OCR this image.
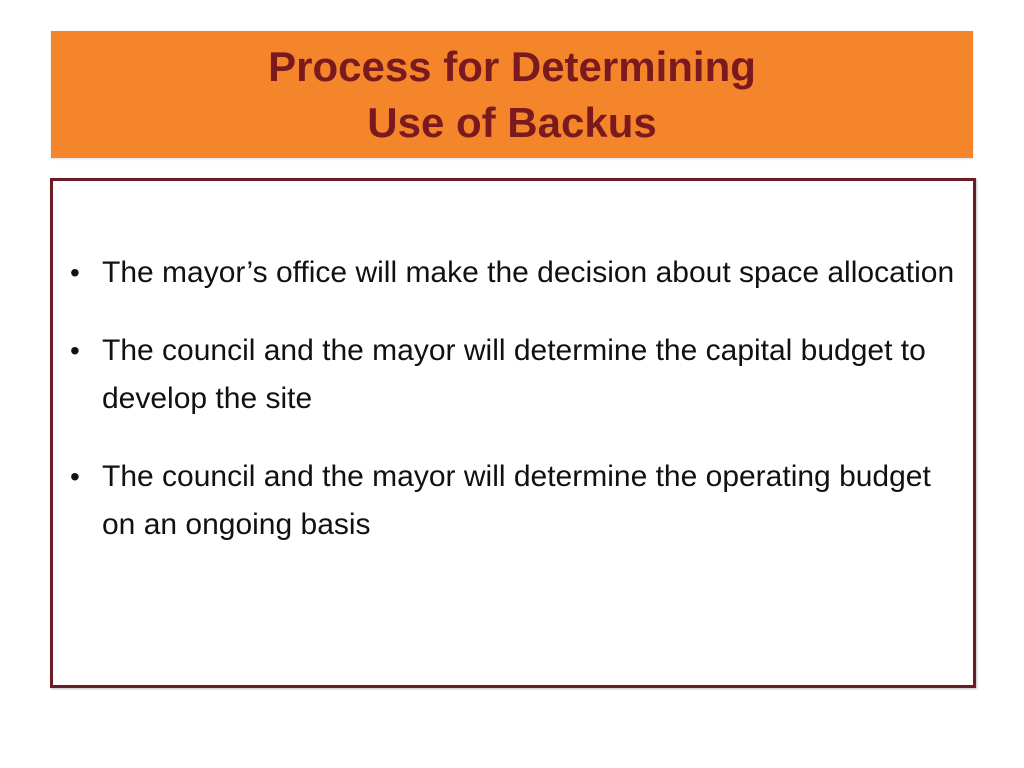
Process for Determining
Use of Backus
• The mayor’s office will make the decision about space allocation
• The council and the mayor will determine the capital budget to develop the site
• The council and the mayor will determine the operating budget on an ongoing basis
